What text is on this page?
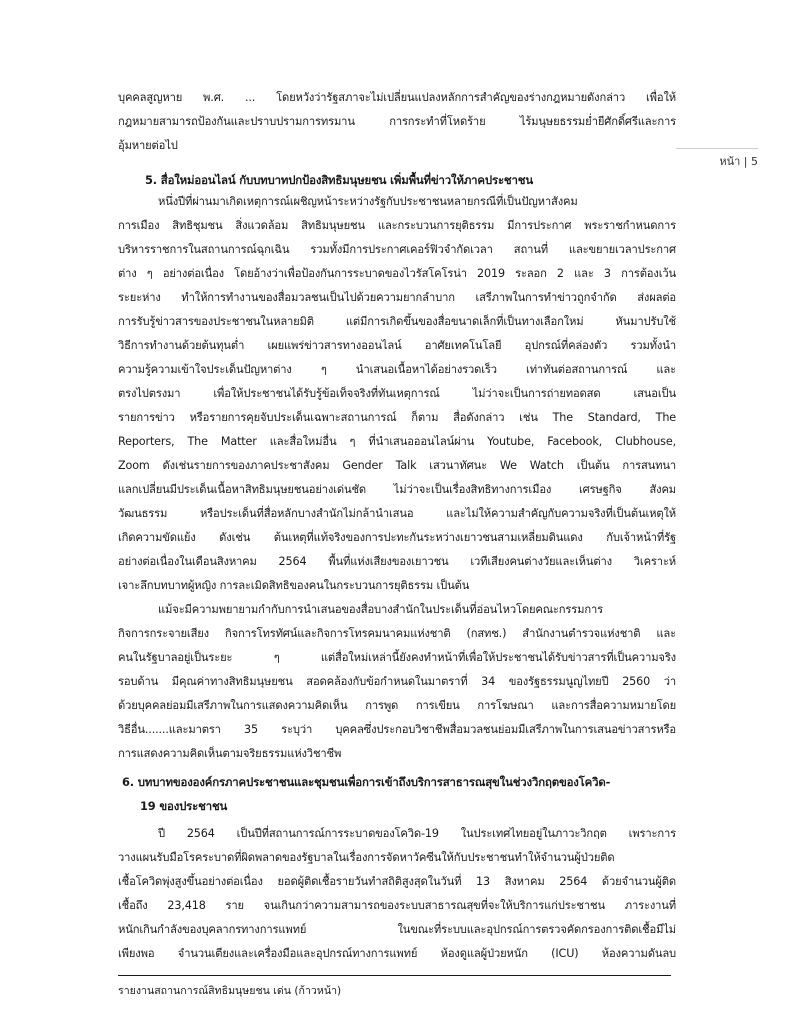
บุคคลสูญหาย พ.ศ. ... โดยหวังว่ารัฐสภาจะไม่เปลี่ยนแปลงหลักการสำคัญของร่างกฎหมายดังกล่าว เพื่อให้
กฎหมายสามารถป้องกันและปราบปรามการทรมาน การกระทำที่โหดร้าย ไร้มนุษยธรรมย่ำยีศักดิ์ศรีและการ
อุ้มหายต่อไป
หน้า | 5
5. สื่อใหม่ออนไลน์ กับบทบาทปกป้องสิทธิมนุษยชน เพิ่มพื้นที่ข่าวให้ภาคประชาชน
หนึ่งปีที่ผ่านมาเกิดเหตุการณ์เผชิญหน้าระหว่างรัฐกับประชาชนหลายกรณีที่เป็นปัญหาสังคม
การเมือง สิทธิชุมชน สิ่งแวดล้อม สิทธิมนุษยชน และกระบวนการยุติธรรม มีการประกาศ พระราชกำหนดการ
บริหารราชการในสถานการณ์ฉุกเฉิน รวมทั้งมีการประกาศเคอร์ฟิวจำกัดเวลา สถานที่ และขยายเวลาประกาศ
ต่าง ๆ อย่างต่อเนื่อง โดยอ้างว่าเพื่อป้องกันการระบาดของไวรัสโคโรน่า 2019 ระลอก 2 และ 3 การต้องเว้น
ระยะห่าง ทำให้การทำงานของสื่อมวลชนเป็นไปด้วยความยากลำบาก เสรีภาพในการทำข่าวถูกจำกัด ส่งผลต่อ
การรับรู้ข่าวสารของประชาชนในหลายมิติ แต่มีการเกิดขึ้นของสื่อขนาดเล็กที่เป็นทางเลือกใหม่ หันมาปรับใช้
วิธีการทำงานด้วยต้นทุนต่ำ เผยแพร่ข่าวสารทางออนไลน์ อาศัยเทคโนโลยี อุปกรณ์ที่คล่องตัว รวมทั้งนำ
ความรู้ความเข้าใจประเด็นปัญหาต่าง ๆ นำเสนอเนื้อหาได้อย่างรวดเร็ว เท่าทันต่อสถานการณ์ และ
ตรงไปตรงมา เพื่อให้ประชาชนได้รับรู้ข้อเท็จจริงที่ทันเหตุการณ์ ไม่ว่าจะเป็นการถ่ายทอดสด เสนอเป็น
รายการข่าว หรือรายการคุยจับประเด็นเฉพาะสถานการณ์ ก็ตาม สื่อดังกล่าว เช่น The Standard, The
Reporters, The Matter และสื่อใหม่อื่น ๆ ที่นำเสนอออนไลน์ผ่าน Youtube, Facebook, Clubhouse,
Zoom ดังเช่นรายการของภาคประชาสังคม Gender Talk เสวนาทัศนะ We Watch เป็นต้น การสนทนา
แลกเปลี่ยนมีประเด็นเนื้อหาสิทธิมนุษยชนอย่างเด่นชัด ไม่ว่าจะเป็นเรื่องสิทธิทางการเมือง เศรษฐกิจ สังคม
วัฒนธรรม หรือประเด็นที่สื่อหลักบางสำนักไม่กล้านำเสนอ และไม่ให้ความสำคัญกับความจริงที่เป็นต้นเหตุให้
เกิดความขัดแย้ง ดังเช่น ต้นเหตุที่แท้จริงของการปะทะกันระหว่างเยาวชนสามเหลี่ยมดินแดง กับเจ้าหน้าที่รัฐ
อย่างต่อเนื่องในเดือนสิงหาคม 2564 พื้นที่แห่งเสียงของเยาวชน เวทีเสียงคนต่างวัยและเห็นต่าง วิเคราะห์
เจาะลึกบทบาทผู้หญิง การละเมิดสิทธิของคนในกระบวนการยุติธรรม เป็นต้น
แม้จะมีความพยายามกำกับการนำเสนอของสื่อบางสำนักในประเด็นที่อ่อนไหวโดยคณะกรรมการ
กิจการกระจายเสียง กิจการโทรทัศน์และกิจการโทรคมนาคมแห่งชาติ (กสทช.) สำนักงานตำรวจแห่งชาติ และ
คนในรัฐบาลอยู่เป็นระยะ ๆ แต่สื่อใหม่เหล่านี้ยังคงทำหน้าที่เพื่อให้ประชาชนได้รับข่าวสารที่เป็นความจริง
รอบด้าน มีคุณค่าทางสิทธิมนุษยชน สอดคล้องกับข้อกำหนดในมาตราที่ 34 ของรัฐธรรมนูญไทยปี 2560 ว่า
ด้วยบุคคลย่อมมีเสรีภาพในการแสดงความคิดเห็น การพูด การเขียน การโฆษณา และการสื่อความหมายโดย
วิธีอื่น.......และมาตรา 35 ระบุว่า บุคคลซึ่งประกอบวิชาชีพสื่อมวลชนย่อมมีเสรีภาพในการเสนอข่าวสารหรือ
การแสดงความคิดเห็นตามจริยธรรมแห่งวิชาชีพ
6. บทบาทขององค์กรภาคประชาชนและชุมชนเพื่อการเข้าถึงบริการสาธารณสุขในช่วงวิกฤตของโควิด-
19 ของประชาชน
ปี 2564 เป็นปีที่สถานการณ์การระบาดของโควิด-19 ในประเทศไทยอยู่ในภาวะวิกฤต เพราะการ
วางแผนรับมือโรคระบาดที่ผิดพลาดของรัฐบาลในเรื่องการจัดหาวัคซีนให้กับประชาชนทำให้จำนวนผู้ป่วยติด
เชื้อโควิดพุ่งสูงขึ้นอย่างต่อเนื่อง ยอดผู้ติดเชื้อรายวันทำสถิติสูงสุดในวันที่ 13 สิงหาคม 2564 ด้วยจำนวนผู้ติด
เชื้อถึง 23,418 ราย จนเกินกว่าความสามารถของระบบสาธารณสุขที่จะให้บริการแก่ประชาชน ภาระงานที่
หนักเกินกำลังของบุคลากรทางการแพทย์ ในขณะที่ระบบและอุปกรณ์การตรวจคัดกรองการติดเชื้อมีไม่
เพียงพอ จำนวนเตียงและเครื่องมือและอุปกรณ์ทางการแพทย์ ห้องดูแลผู้ป่วยหนัก (ICU) ห้องความดันลบ
รายงานสถานการณ์สิทธิมนุษยชน เด่น (ก้าวหน้า)
